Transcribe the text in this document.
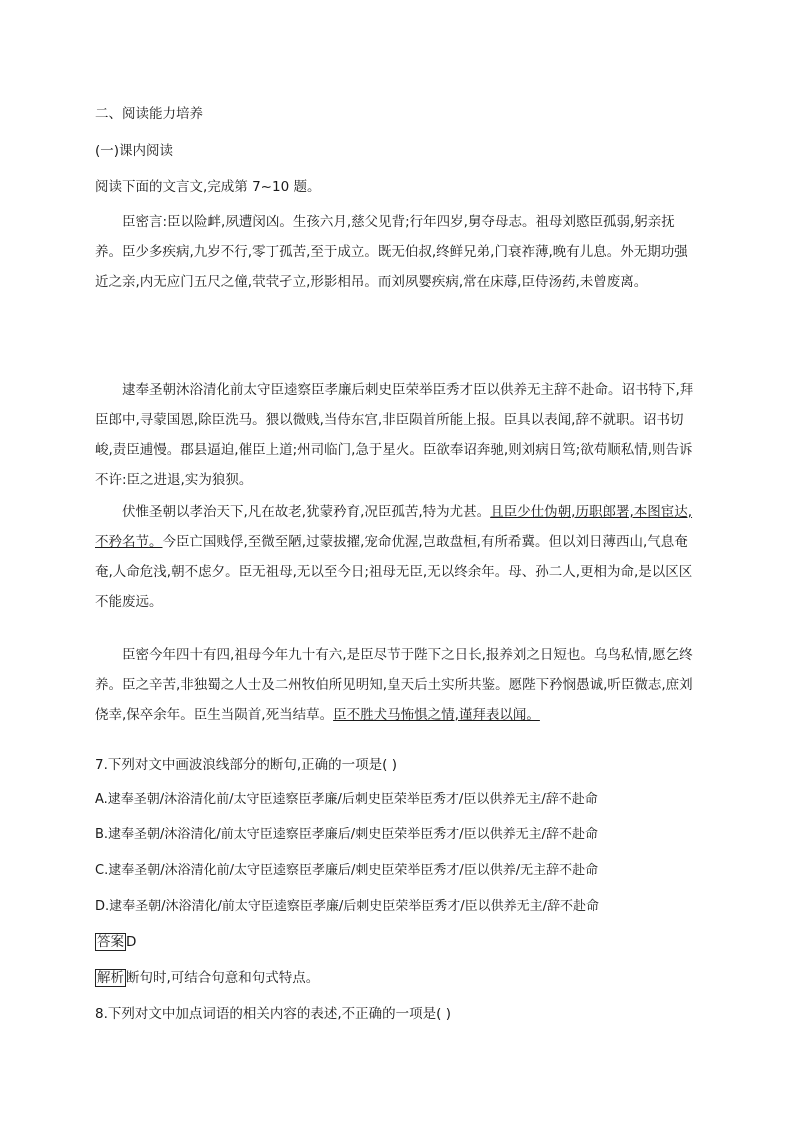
二、阅读能力培养
(一)课内阅读
阅读下面的文言文,完成第 7~10 题。

臣密言:臣以险衅,夙遭闵凶。生孩六月,慈父见背;行年四岁,舅夺母志。祖母刘愍臣孤弱,躬亲抚养。臣少多疾病,九岁不行,零丁孤苦,至于成立。既无伯叔,终鲜兄弟,门衰祚薄,晚有儿息。外无期功强近之亲,内无应门五尺之僮,茕茕孑立,形影相吊。而刘夙婴疾病,常在床蓐,臣侍汤药,未曾废离。

逮奉圣朝沐浴清化前太守臣逵察臣孝廉后刺史臣荣举臣秀才臣以供养无主辞不赴命。诏书特下,拜臣郎中,寻蒙国恩,除臣洗马。猥以微贱,当侍东宫,非臣陨首所能上报。臣具以表闻,辞不就职。诏书切峻,责臣逋慢。郡县逼迫,催臣上道;州司临门,急于星火。臣欲奉诏奔驰,则刘病日笃;欲苟顺私情,则告诉不许:臣之进退,实为狼狈。

伏惟圣朝以孝治天下,凡在故老,犹蒙矜育,况臣孤苦,特为尤甚。且臣少仕伪朝,历职郎署,本图宦达,不矜名节。今臣亡国贱俘,至微至陋,过蒙拔擢,宠命优渥,岂敢盘桓,有所希冀。但以刘日薄西山,气息奄奄,人命危浅,朝不虑夕。臣无祖母,无以至今日;祖母无臣,无以终余年。母、孙二人,更相为命,是以区区不能废远。

臣密今年四十有四,祖母今年九十有六,是臣尽节于陛下之日长,报养刘之日短也。乌鸟私情,愿乞终养。臣之辛苦,非独蜀之人士及二州牧伯所见明知,皇天后土实所共鉴。愿陛下矜悯愚诚,听臣微志,庶刘侥幸,保卒余年。臣生当陨首,死当结草。臣不胜犬马怖惧之情,谨拜表以闻。

7.下列对文中画波浪线部分的断句,正确的一项是( )
A.逮奉圣朝/沐浴清化前/太守臣逵察臣孝廉/后刺史臣荣举臣秀才/臣以供养无主/辞不赴命
B.逮奉圣朝/沐浴清化/前太守臣逵察臣孝廉后/刺史臣荣举臣秀才/臣以供养无主/辞不赴命
C.逮奉圣朝/沐浴清化前/太守臣逵察臣孝廉后/刺史臣荣举臣秀才/臣以供养/无主辞不赴命
D.逮奉圣朝/沐浴清化/前太守臣逵察臣孝廉/后刺史臣荣举臣秀才/臣以供养无主/辞不赴命
答案 D
解析 断句时,可结合句意和句式特点。
8.下列对文中加点词语的相关内容的表述,不正确的一项是( )
